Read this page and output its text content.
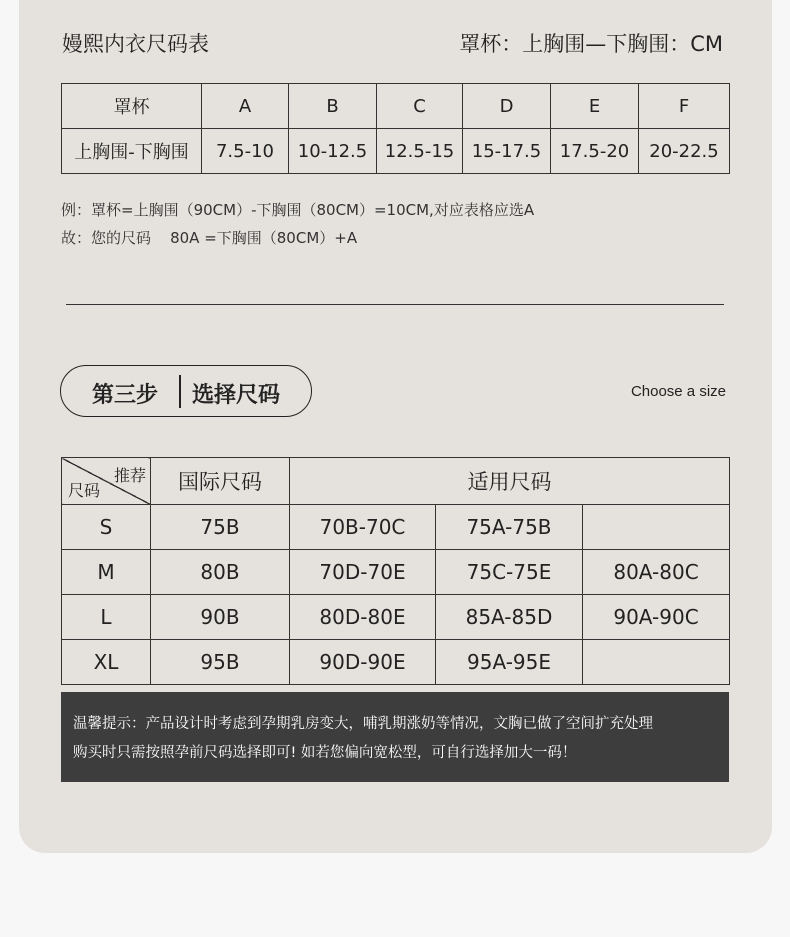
嫚熙内衣尺码表	罩杯：上胸围—下胸围：CM
罩杯	A	B	C	D	E	F
上胸围-下胸围	7.5-10	10-12.5	12.5-15	15-17.5	17.5-20	20-22.5
例：罩杯=上胸围（90CM）-下胸围（80CM）=10CM,对应表格应选A
故：您的尺码    80A =下胸围（80CM）+A
第三步 选择尺码	Choose a size
推荐
尺码	国际尺码	适用尺码		
S	75B	70B-70C	75A-75B	
M	80B	70D-70E	75C-75E	80A-80C
L	90B	80D-80E	85A-85D	90A-90C
XL	95B	90D-90E	95A-95E	
温馨提示：产品设计时考虑到孕期乳房变大，哺乳期涨奶等情况，文胸已做了空间扩充处理
购买时只需按照孕前尺码选择即可! 如若您偏向宽松型，可自行选择加大一码！
